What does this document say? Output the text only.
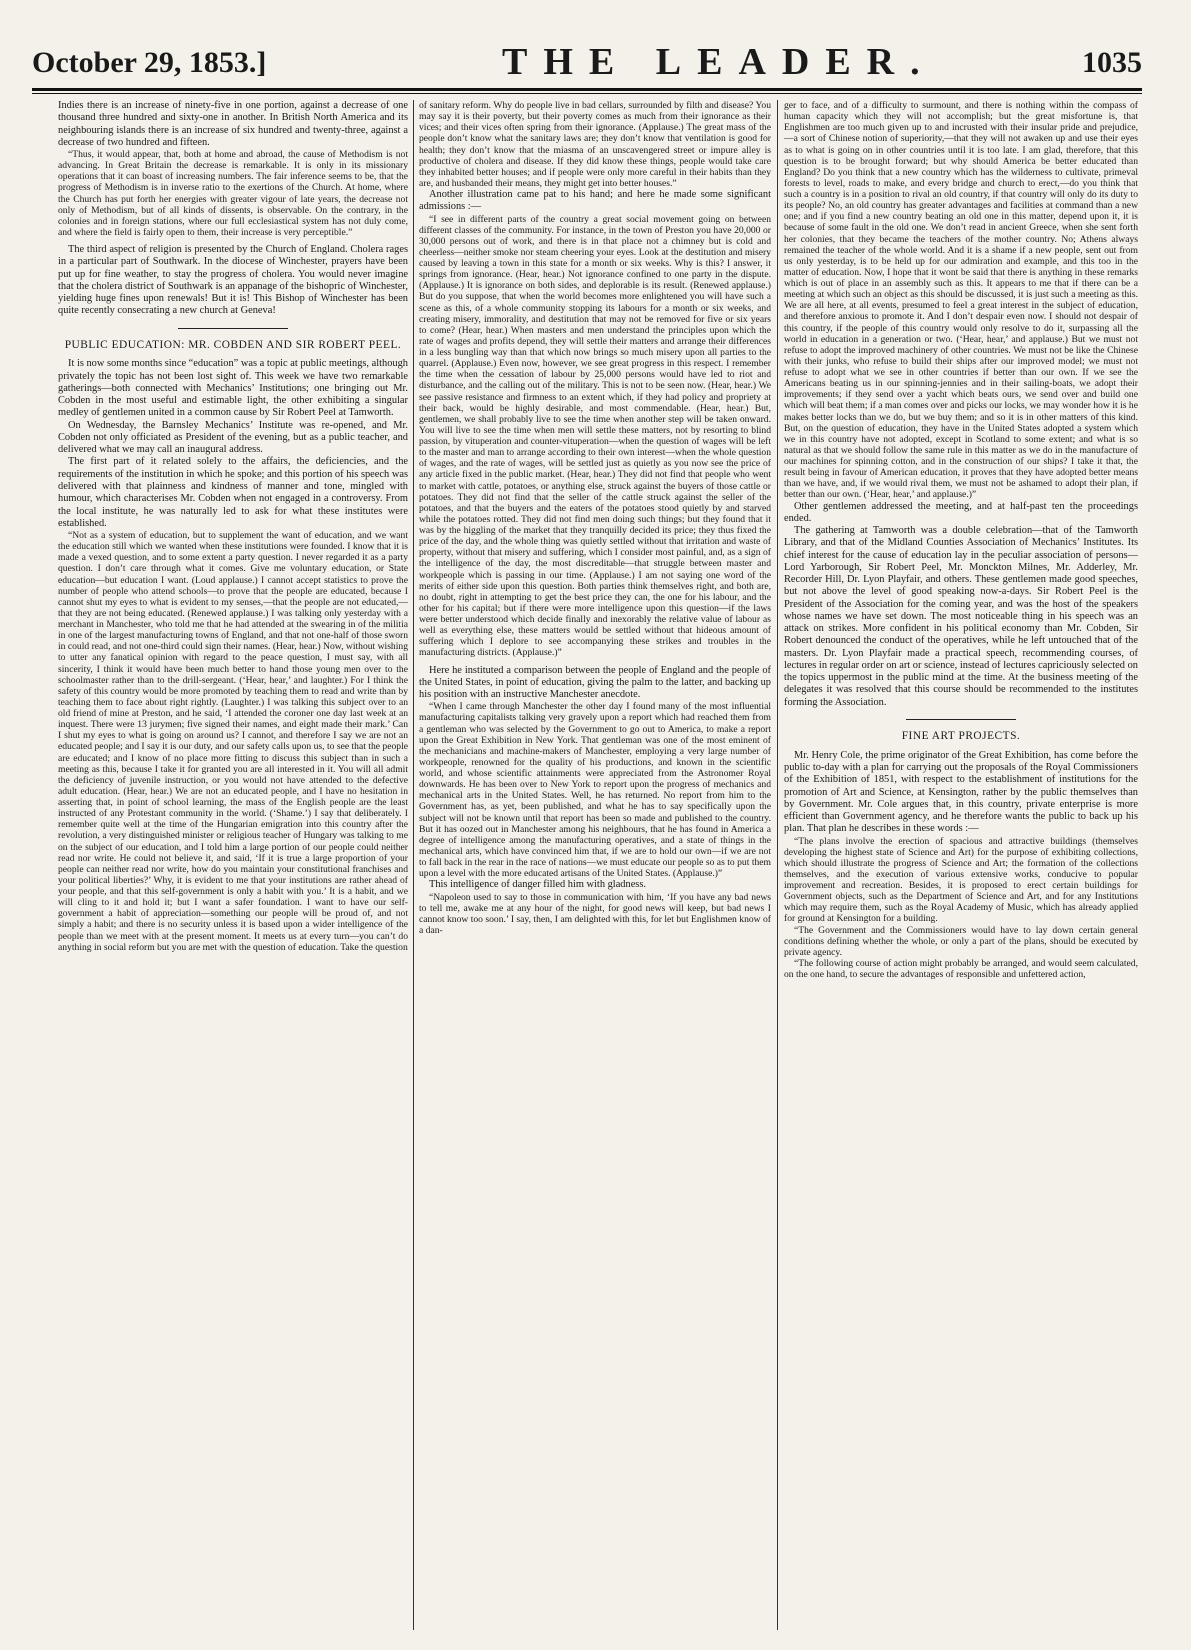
October 29, 1853.]	THE LEADER.	1035

Indies there is an increase of ninety-five in one portion, against a decrease of one thousand three hundred and sixty-one in another. In British North America and its neighbouring islands there is an increase of six hundred and twenty-three, against a decrease of two hundred and fifteen.

“Thus, it would appear, that, both at home and abroad, the cause of Methodism is not advancing. In Great Britain the decrease is remarkable. It is only in its missionary operations that it can boast of increasing numbers. The fair inference seems to be, that the progress of Methodism is in inverse ratio to the exertions of the Church. At home, where the Church has put forth her energies with greater vigour of late years, the decrease not only of Methodism, but of all kinds of dissents, is observable. On the contrary, in the colonies and in foreign stations, where our full ecclesiastical system has not duly come, and where the field is fairly open to them, their increase is very perceptible.”

The third aspect of religion is presented by the Church of England. Cholera rages in a particular part of Southwark. In the diocese of Winchester, prayers have been put up for fine weather, to stay the progress of cholera. You would never imagine that the cholera district of Southwark is an appanage of the bishopric of Winchester, yielding huge fines upon renewals! But it is! This Bishop of Winchester has been quite recently consecrating a new church at Geneva!

PUBLIC EDUCATION: MR. COBDEN AND SIR ROBERT PEEL.

It is now some months since “education” was a topic at public meetings, although privately the topic has not been lost sight of. This week we have two remarkable gatherings—both connected with Mechanics’ Institutions; one bringing out Mr. Cobden in the most useful and estimable light, the other exhibiting a singular medley of gentlemen united in a common cause by Sir Robert Peel at Tamworth.

On Wednesday, the Barnsley Mechanics’ Institute was re-opened, and Mr. Cobden not only officiated as President of the evening, but as a public teacher, and delivered what we may call an inaugural address.

The first part of it related solely to the affairs, the deficiencies, and the requirements of the institution in which he spoke; and this portion of his speech was delivered with that plainness and kindness of manner and tone, mingled with humour, which characterises Mr. Cobden when not engaged in a controversy. From the local institute, he was naturally led to ask for what these institutes were established.

“Not as a system of education, but to supplement the want of education, and we want the education still which we wanted when these institutions were founded. I know that it is made a vexed question, and to some extent a party question. I never regarded it as a party question. I don’t care through what it comes. Give me voluntary education, or State education—but education I want. (Loud applause.) I cannot accept statistics to prove the number of people who attend schools—to prove that the people are educated, because I cannot shut my eyes to what is evident to my senses,—that the people are not educated,—that they are not being educated. (Renewed applause.) I was talking only yesterday with a merchant in Manchester, who told me that he had attended at the swearing in of the militia in one of the largest manufacturing towns of England, and that not one-half of those sworn in could read, and not one-third could sign their names. (Hear, hear.) Now, without wishing to utter any fanatical opinion with regard to the peace question, I must say, with all sincerity, I think it would have been much better to hand those young men over to the schoolmaster rather than to the drill-sergeant. (‘Hear, hear,’ and laughter.) For I think the safety of this country would be more promoted by teaching them to read and write than by teaching them to face about right rightly. (Laughter.) I was talking this subject over to an old friend of mine at Preston, and he said, ‘I attended the coroner one day last week at an inquest. There were 13 jurymen; five signed their names, and eight made their mark.’ Can I shut my eyes to what is going on around us? I cannot, and therefore I say we are not an educated people; and I say it is our duty, and our safety calls upon us, to see that the people are educated; and I know of no place more fitting to discuss this subject than in such a meeting as this, because I take it for granted you are all interested in it. You will all admit the deficiency of juvenile instruction, or you would not have attended to the defective adult education. (Hear, hear.) We are not an educated people, and I have no hesitation in asserting that, in point of school learning, the mass of the English people are the least instructed of any Protestant community in the world. (‘Shame.’) I say that deliberately. I remember quite well at the time of the Hungarian emigration into this country after the revolution, a very distinguished minister or religious teacher of Hungary was talking to me on the subject of our education, and I told him a large portion of our people could neither read nor write. He could not believe it, and said, ‘If it is true a large proportion of your people can neither read nor write, how do you maintain your constitutional franchises and your political liberties?’ Why, it is evident to me that your institutions are rather ahead of your people, and that this self-government is only a habit with you.’ It is a habit, and we will cling to it and hold it; but I want a safer foundation. I want to have our self-government a habit of appreciation—something our people will be proud of, and not simply a habit; and there is no security unless it is based upon a wider intelligence of the people than we meet with at the present moment. It meets us at every turn—you can’t do anything in social reform but you are met with the question of education. Take the question

of sanitary reform. Why do people live in bad cellars, surrounded by filth and disease? You may say it is their poverty, but their poverty comes as much from their ignorance as their vices; and their vices often spring from their ignorance. (Applause.) The great mass of the people don’t know what the sanitary laws are; they don’t know that ventilation is good for health; they don’t know that the miasma of an unscavengered street or impure alley is productive of cholera and disease. If they did know these things, people would take care they inhabited better houses; and if people were only more careful in their habits than they are, and husbanded their means, they might get into better houses.”

Another illustration came pat to his hand; and here he made some significant admissions :—

“I see in different parts of the country a great social movement going on between different classes of the community. For instance, in the town of Preston you have 20,000 or 30,000 persons out of work, and there is in that place not a chimney but is cold and cheerless—neither smoke nor steam cheering your eyes. Look at the destitution and misery caused by leaving a town in this state for a month or six weeks. Why is this? I answer, it springs from ignorance. (Hear, hear.) Not ignorance confined to one party in the dispute. (Applause.) It is ignorance on both sides, and deplorable is its result. (Renewed applause.) But do you suppose, that when the world becomes more enlightened you will have such a scene as this, of a whole community stopping its labours for a month or six weeks, and creating misery, immorality, and destitution that may not be removed for five or six years to come? (Hear, hear.) When masters and men understand the principles upon which the rate of wages and profits depend, they will settle their matters and arrange their differences in a less bungling way than that which now brings so much misery upon all parties to the quarrel. (Applause.) Even now, however, we see great progress in this respect. I remember the time when the cessation of labour by 25,000 persons would have led to riot and disturbance, and the calling out of the military. This is not to be seen now. (Hear, hear.) We see passive resistance and firmness to an extent which, if they had policy and propriety at their back, would be highly desirable, and most commendable. (Hear, hear.) But, gentlemen, we shall probably live to see the time when another step will be taken onward. You will live to see the time when men will settle these matters, not by resorting to blind passion, by vituperation and counter-vituperation—when the question of wages will be left to the master and man to arrange according to their own interest—when the whole question of wages, and the rate of wages, will be settled just as quietly as you now see the price of any article fixed in the public market. (Hear, hear.) They did not find that people who went to market with cattle, potatoes, or anything else, struck against the buyers of those cattle or potatoes. They did not find that the seller of the cattle struck against the seller of the potatoes, and that the buyers and the eaters of the potatoes stood quietly by and starved while the potatoes rotted. They did not find men doing such things; but they found that it was by the higgling of the market that they tranquilly decided its price; they thus fixed the price of the day, and the whole thing was quietly settled without that irritation and waste of property, without that misery and suffering, which I consider most painful, and, as a sign of the intelligence of the day, the most discreditable—that struggle between master and workpeople which is passing in our time. (Applause.) I am not saying one word of the merits of either side upon this question. Both parties think themselves right, and both are, no doubt, right in attempting to get the best price they can, the one for his labour, and the other for his capital; but if there were more intelligence upon this question—if the laws were better understood which decide finally and inexorably the relative value of labour as well as everything else, these matters would be settled without that hideous amount of suffering which I deplore to see accompanying these strikes and troubles in the manufacturing districts. (Applause.)”

Here he instituted a comparison between the people of England and the people of the United States, in point of education, giving the palm to the latter, and backing up his position with an instructive Manchester anecdote.

“When I came through Manchester the other day I found many of the most influential manufacturing capitalists talking very gravely upon a report which had reached them from a gentleman who was selected by the Government to go out to America, to make a report upon the Great Exhibition in New York. That gentleman was one of the most eminent of the mechanicians and machine-makers of Manchester, employing a very large number of workpeople, renowned for the quality of his productions, and known in the scientific world, and whose scientific attainments were appreciated from the Astronomer Royal downwards. He has been over to New York to report upon the progress of mechanics and mechanical arts in the United States. Well, he has returned. No report from him to the Government has, as yet, been published, and what he has to say specifically upon the subject will not be known until that report has been so made and published to the country. But it has oozed out in Manchester among his neighbours, that he has found in America a degree of intelligence among the manufacturing operatives, and a state of things in the mechanical arts, which have convinced him that, if we are to hold our own—if we are not to fall back in the rear in the race of nations—we must educate our people so as to put them upon a level with the more educated artisans of the United States. (Applause.)”

This intelligence of danger filled him with gladness.

“Napoleon used to say to those in communication with him, ‘If you have any bad news to tell me, awake me at any hour of the night, for good news will keep, but bad news I cannot know too soon.’ I say, then, I am delighted with this, for let but Englishmen know of a dan-

ger to face, and of a difficulty to surmount, and there is nothing within the compass of human capacity which they will not accomplish; but the great misfortune is, that Englishmen are too much given up to and incrusted with their insular pride and prejudice,—a sort of Chinese notion of superiority,—that they will not awaken up and use their eyes as to what is going on in other countries until it is too late. I am glad, therefore, that this question is to be brought forward; but why should America be better educated than England? Do you think that a new country which has the wilderness to cultivate, primeval forests to level, roads to make, and every bridge and church to erect,—do you think that such a country is in a position to rival an old country, if that country will only do its duty to its people? No, an old country has greater advantages and facilities at command than a new one; and if you find a new country beating an old one in this matter, depend upon it, it is because of some fault in the old one. We don’t read in ancient Greece, when she sent forth her colonies, that they became the teachers of the mother country. No; Athens always remained the teacher of the whole world. And it is a shame if a new people, sent out from us only yesterday, is to be held up for our admiration and example, and this too in the matter of education. Now, I hope that it wont be said that there is anything in these remarks which is out of place in an assembly such as this. It appears to me that if there can be a meeting at which such an object as this should be discussed, it is just such a meeting as this. We are all here, at all events, presumed to feel a great interest in the subject of education, and therefore anxious to promote it. And I don’t despair even now. I should not despair of this country, if the people of this country would only resolve to do it, surpassing all the world in education in a generation or two. (‘Hear, hear,’ and applause.) But we must not refuse to adopt the improved machinery of other countries. We must not be like the Chinese with their junks, who refuse to build their ships after our improved model; we must not refuse to adopt what we see in other countries if better than our own. If we see the Americans beating us in our spinning-jennies and in their sailing-boats, we adopt their improvements; if they send over a yacht which beats ours, we send over and build one which will beat them; if a man comes over and picks our locks, we may wonder how it is he makes better locks than we do, but we buy them; and so it is in other matters of this kind. But, on the question of education, they have in the United States adopted a system which we in this country have not adopted, except in Scotland to some extent; and what is so natural as that we should follow the same rule in this matter as we do in the manufacture of our machines for spinning cotton, and in the construction of our ships? I take it that, the result being in favour of American education, it proves that they have adopted better means than we have, and, if we would rival them, we must not be ashamed to adopt their plan, if better than our own. (‘Hear, hear,’ and applause.)”

Other gentlemen addressed the meeting, and at half-past ten the proceedings ended.

The gathering at Tamworth was a double celebration—that of the Tamworth Library, and that of the Midland Counties Association of Mechanics’ Institutes. Its chief interest for the cause of education lay in the peculiar association of persons—Lord Yarborough, Sir Robert Peel, Mr. Monckton Milnes, Mr. Adderley, Mr. Recorder Hill, Dr. Lyon Playfair, and others. These gentlemen made good speeches, but not above the level of good speaking now-a-days. Sir Robert Peel is the President of the Association for the coming year, and was the host of the speakers whose names we have set down. The most noticeable thing in his speech was an attack on strikes. More confident in his political economy than Mr. Cobden, Sir Robert denounced the conduct of the operatives, while he left untouched that of the masters. Dr. Lyon Playfair made a practical speech, recommending courses, of lectures in regular order on art or science, instead of lectures capriciously selected on the topics uppermost in the public mind at the time. At the business meeting of the delegates it was resolved that this course should be recommended to the institutes forming the Association.

FINE ART PROJECTS.

Mr. Henry Cole, the prime originator of the Great Exhibition, has come before the public to-day with a plan for carrying out the proposals of the Royal Commissioners of the Exhibition of 1851, with respect to the establishment of institutions for the promotion of Art and Science, at Kensington, rather by the public themselves than by Government. Mr. Cole argues that, in this country, private enterprise is more efficient than Government agency, and he therefore wants the public to back up his plan. That plan he describes in these words :—

“The plans involve the erection of spacious and attractive buildings (themselves developing the highest state of Science and Art) for the purpose of exhibiting collections, which should illustrate the progress of Science and Art; the formation of the collections themselves, and the execution of various extensive works, conducive to popular improvement and recreation. Besides, it is proposed to erect certain buildings for Government objects, such as the Department of Science and Art, and for any Institutions which may require them, such as the Royal Academy of Music, which has already applied for ground at Kensington for a building.

“The Government and the Commissioners would have to lay down certain general conditions defining whether the whole, or only a part of the plans, should be executed by private agency.

“The following course of action might probably be arranged, and would seem calculated, on the one hand, to secure the advantages of responsible and unfettered action,
